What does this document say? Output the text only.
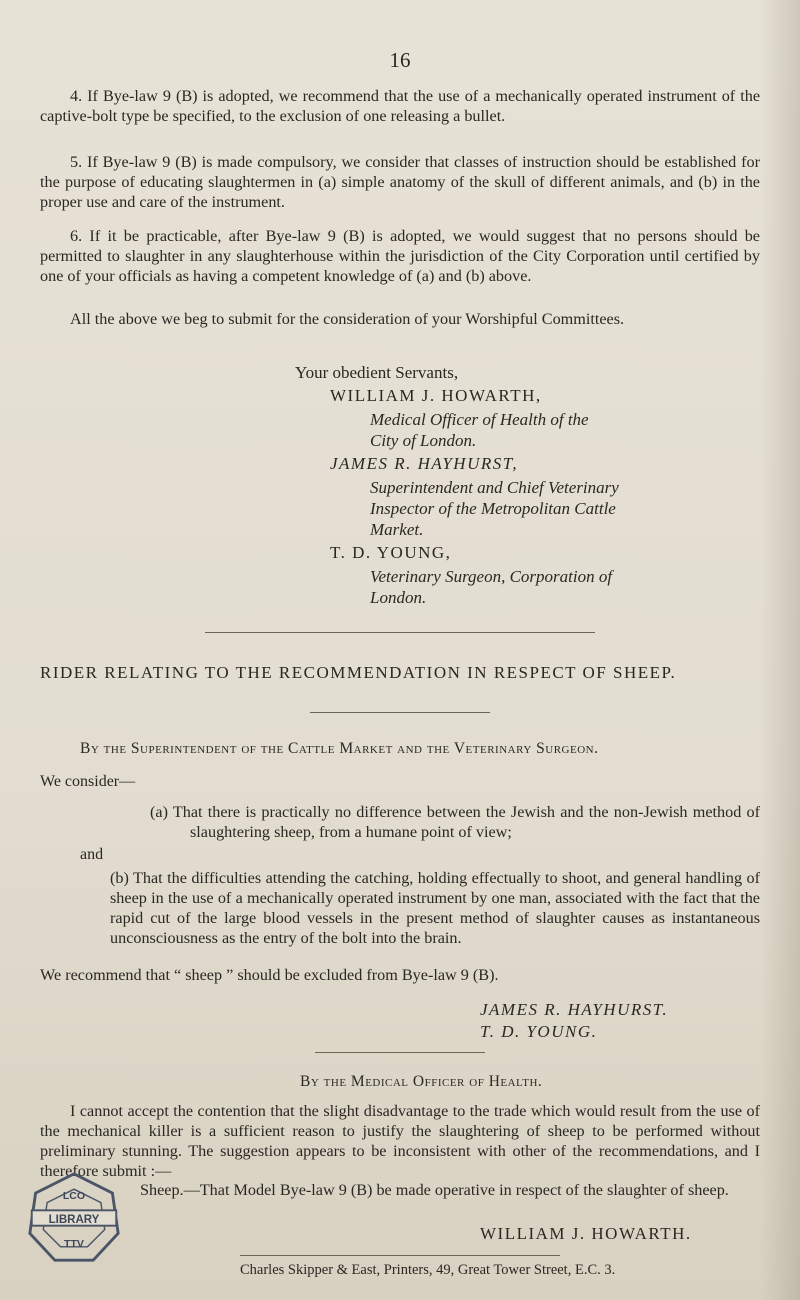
16

4. If Bye-law 9 (B) is adopted, we recommend that the use of a mechanically operated instrument of the captive-bolt type be specified, to the exclusion of one releasing a bullet.

5. If Bye-law 9 (B) is made compulsory, we consider that classes of instruction should be established for the purpose of educating slaughtermen in (a) simple anatomy of the skull of different animals, and (b) in the proper use and care of the instrument.

6. If it be practicable, after Bye-law 9 (B) is adopted, we would suggest that no persons should be permitted to slaughter in any slaughterhouse within the jurisdiction of the City Corporation until certified by one of your officials as having a competent knowledge of (a) and (b) above.

All the above we beg to submit for the consideration of your Worshipful Committees.

Your obedient Servants,
WILLIAM J. HOWARTH,
Medical Officer of Health of the
City of London.
JAMES R. HAYHURST,
Superintendent and Chief Veterinary
Inspector of the Metropolitan Cattle
Market.
T. D. YOUNG,
Veterinary Surgeon, Corporation of
London.
RIDER RELATING TO THE RECOMMENDATION IN RESPECT OF SHEEP.
By the Superintendent of the Cattle Market and the Veterinary Surgeon.
We consider—

(a) That there is practically no difference between the Jewish and the non-Jewish method of slaughtering sheep, from a humane point of view;

and

(b) That the difficulties attending the catching, holding effectually to shoot, and general handling of sheep in the use of a mechanically operated instrument by one man, associated with the fact that the rapid cut of the large blood vessels in the present method of slaughter causes as instantaneous unconsciousness as the entry of the bolt into the brain.

We recommend that “ sheep ” should be excluded from Bye-law 9 (B).
JAMES R. HAYHURST.
T. D. YOUNG.
By the Medical Officer of Health.

I cannot accept the contention that the slight disadvantage to the trade which would result from the use of the mechanical killer is a sufficient reason to justify the slaughtering of sheep to be performed without preliminary stunning. The suggestion appears to be inconsistent with other of the recommendations, and I therefore submit :—

Sheep.—That Model Bye-law 9 (B) be made operative in respect of the slaughter of sheep.

WILLIAM J. HOWARTH.
Charles Skipper & East, Printers, 49, Great Tower Street, E.C. 3.
LIBRARY
LCO
TTV
